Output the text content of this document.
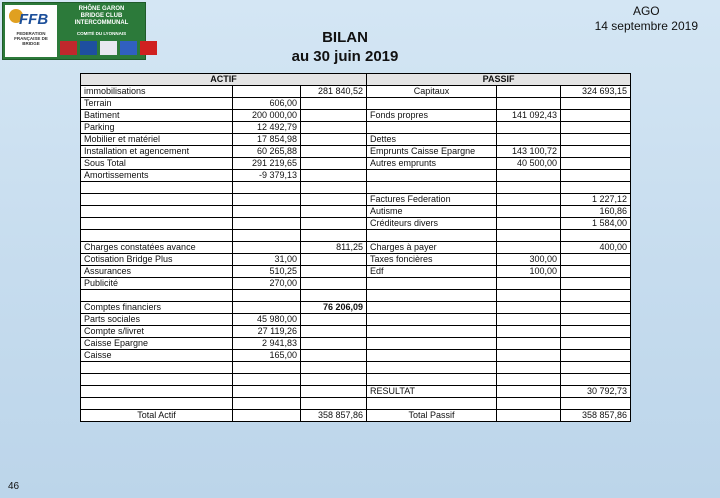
FFB
FEDERATION FRANÇAISE DE BRIDGE
RHÔNE GARON
BRIDGE CLUB
INTERCOMMUNAL
COMITÉ DU LYONNAIS
AGO
14 septembre 2019
BILAN
au 30 juin 2019
ACTIF			PASSIF		
immobilisations		281 840,52	Capitaux		324 693,15
Terrain	606,00				
Batiment	200 000,00		Fonds propres	141 092,43	
Parking	12 492,79				
Mobilier et matériel	17 854,98		Dettes		
Installation et agencement	60 265,88		Emprunts Caisse Epargne	143 100,72	
Sous Total	291 219,65		Autres emprunts	40 500,00	
Amortissements	-9 379,13				

			Factures Federation		1 227,12
			Autisme		160,86
			Créditeurs divers		1 584,00

Charges constatées avance		811,25	Charges à payer		400,00
Cotisation Bridge Plus	31,00		Taxes foncières	300,00	
Assurances	510,25		Edf	100,00	
Publicité	270,00				

Comptes financiers		76 206,09			
Parts sociales	45 980,00				
Compte s/livret	27 119,26				
Caisse Epargne	2 941,83				
Caisse	165,00				

			RESULTAT		30 792,73

Total Actif		358 857,86	Total Passif		358 857,86
46
